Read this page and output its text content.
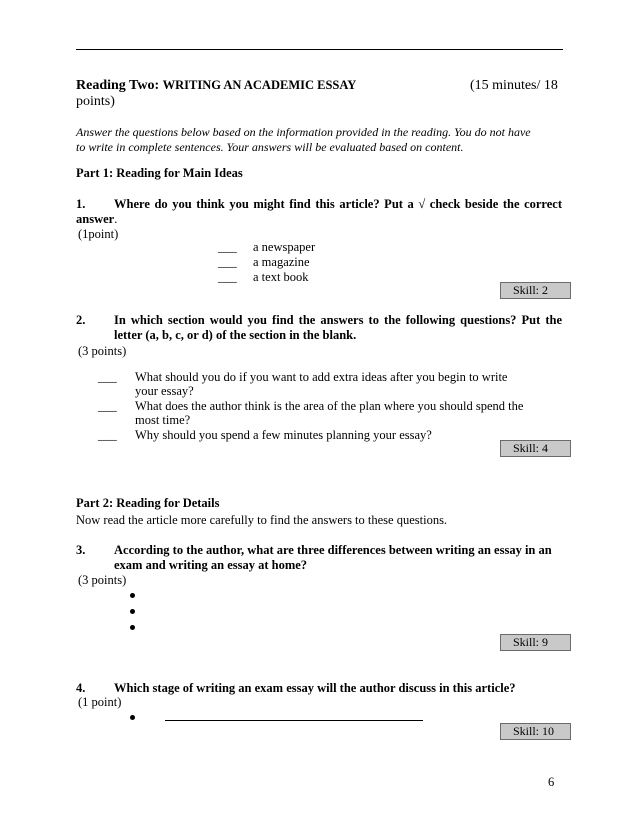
Reading Two: WRITING AN ACADEMIC ESSAY	(15 minutes/ 18
points)
Answer the questions below based on the information provided in the reading. You do not have
to write in complete sentences. Your answers will be evaluated based on content.
Part 1: Reading for Main Ideas
1. Where do you think you might find this article? Put a √ check beside the correct
answer.
(1point)
___ a newspaper
___ a magazine
___ a text book
Skill: 2
2. In which section would you find the answers to the following questions? Put the
letter (a, b, c, or d) of the section in the blank.
(3 points)
___ What should you do if you want to add extra ideas after you begin to write
your essay?
___ What does the author think is the area of the plan where you should spend the
most time?
___ Why should you spend a few minutes planning your essay?
Skill: 4
Part 2: Reading for Details
Now read the article more carefully to find the answers to these questions.
3. According to the author, what are three differences between writing an essay in an
exam and writing an essay at home?
(3 points)
Skill: 9
4. Which stage of writing an exam essay will the author discuss in this article?
(1 point)
Skill: 10
6
